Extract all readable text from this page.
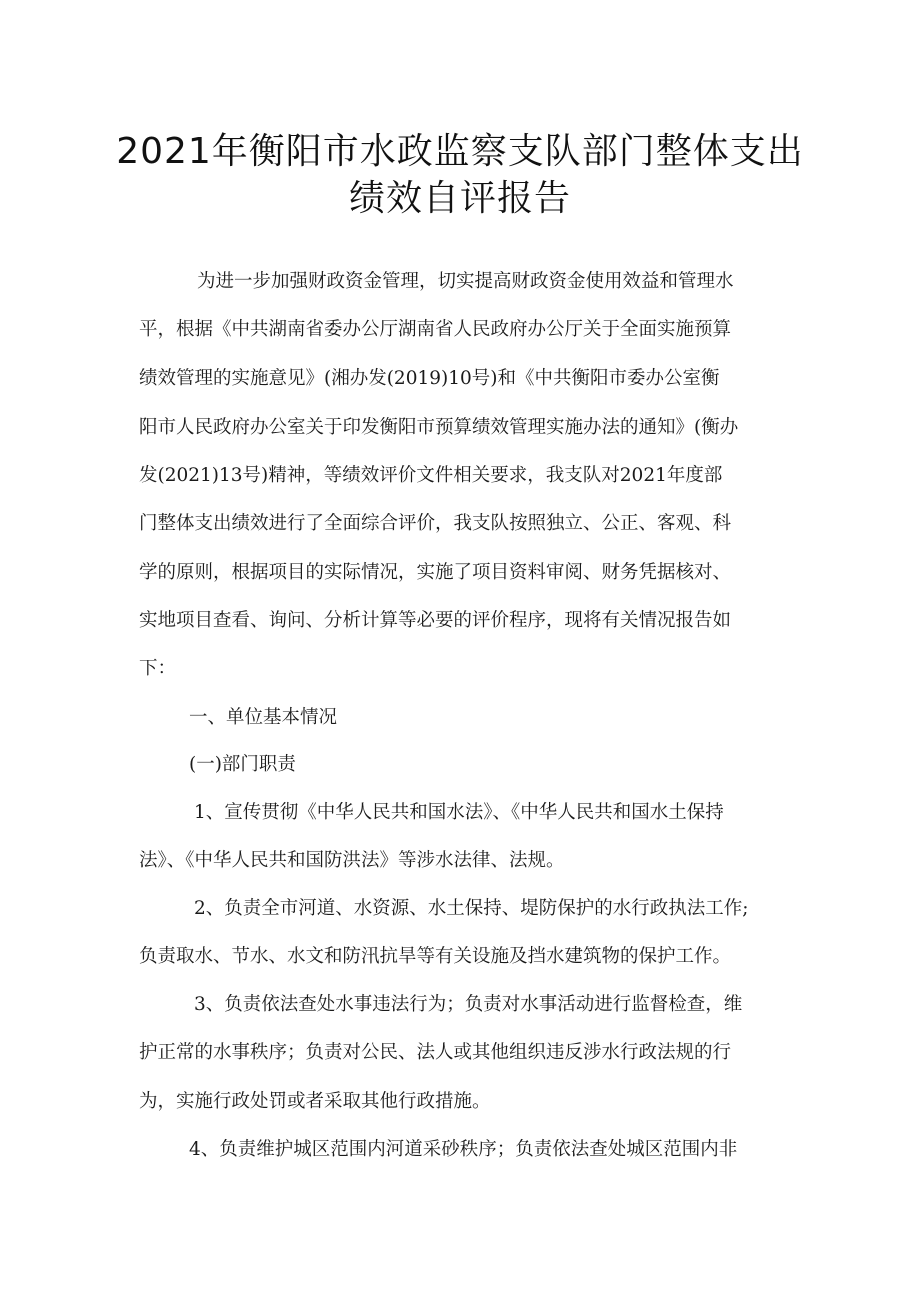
2021年衡阳市水政监察支队部门整体支出
绩效自评报告

为进一步加强财政资金管理，切实提高财政资金使用效益和管理水

平，根据《中共湖南省委办公厅湖南省人民政府办公厅关于全面实施预算

绩效管理的实施意见》(湘办发(2019)10号)和《中共衡阳市委办公室衡

阳市人民政府办公室关于印发衡阳市预算绩效管理实施办法的通知》(衡办

发(2021)13号)精神，等绩效评价文件相关要求，我支队对2021年度部

门整体支出绩效进行了全面综合评价，我支队按照独立、公正、客观、科

学的原则，根据项目的实际情况，实施了项目资料审阅、财务凭据核对、

实地项目查看、询问、分析计算等必要的评价程序，现将有关情况报告如

下：

一、单位基本情况

(一)部门职责

1、宣传贯彻《中华人民共和国水法》、《中华人民共和国水土保持

法》、《中华人民共和国防洪法》等涉水法律、法规。

2、负责全市河道、水资源、水土保持、堤防保护的水行政执法工作;

负责取水、节水、水文和防汛抗旱等有关设施及挡水建筑物的保护工作。

3、负责依法查处水事违法行为；负责对水事活动进行监督检查，维

护正常的水事秩序；负责对公民、法人或其他组织违反涉水行政法规的行

为，实施行政处罚或者采取其他行政措施。

4、负责维护城区范围内河道采砂秩序；负责依法查处城区范围内非
